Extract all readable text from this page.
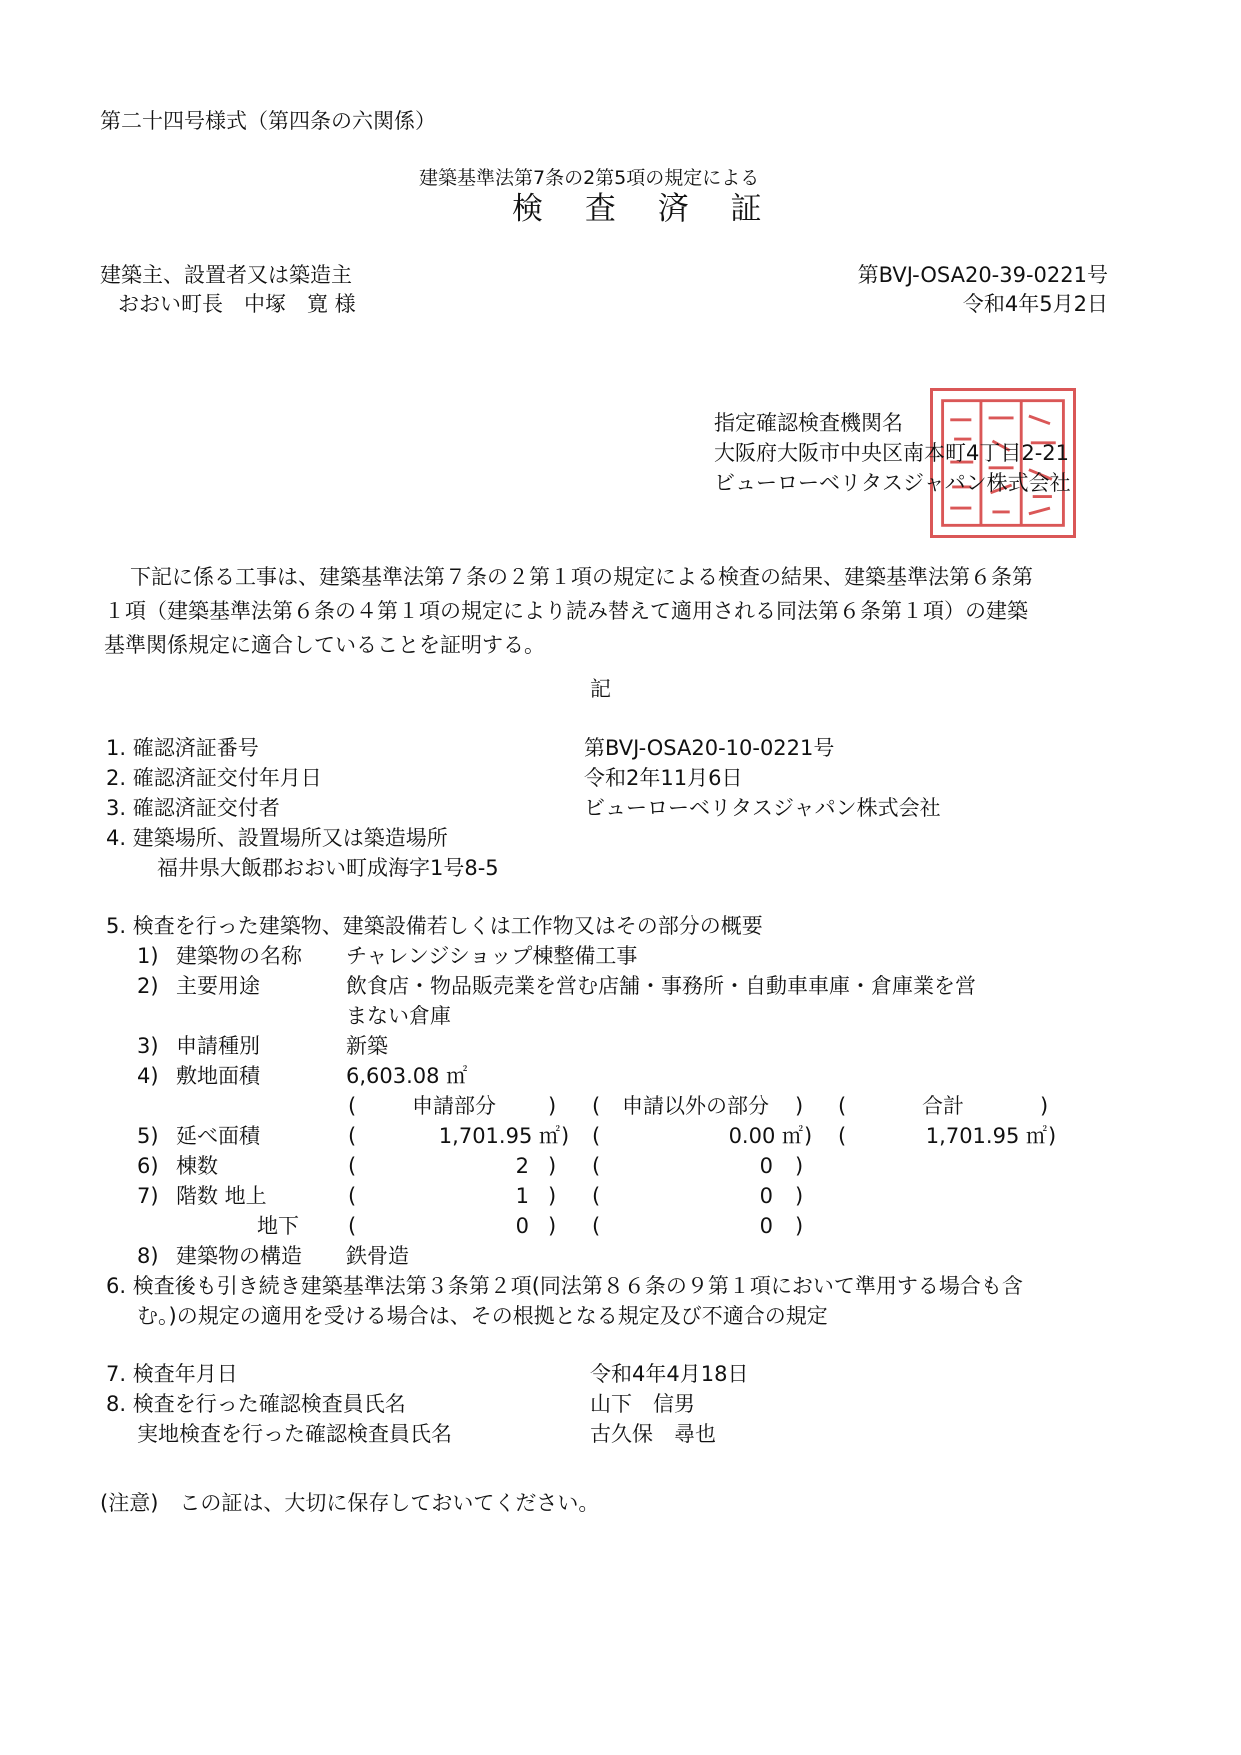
第二十四号様式（第四条の六関係）
建築基準法第7条の2第5項の規定による
検 査 済 証
建築主、設置者又は築造主
おおい町長　中塚　寛 様
第BVJ-OSA20-39-0221号
令和4年5月2日
指定確認検査機関名
大阪府大阪市中央区南本町4丁目2-21
ビューローベリタスジャパン株式会社
下記に係る工事は、建築基準法第７条の２第１項の規定による検査の結果、建築基準法第６条第
１項（建築基準法第６条の４第１項の規定により読み替えて適用される同法第６条第１項）の建築
基準関係規定に適合していることを証明する。
記
1. 確認済証番号	第BVJ-OSA20-10-0221号
2. 確認済証交付年月日	令和2年11月6日
3. 確認済証交付者	ビューローベリタスジャパン株式会社
4. 建築場所、設置場所又は築造場所
福井県大飯郡おおい町成海字1号8-5
5. 検査を行った建築物、建築設備若しくは工作物又はその部分の概要
1) 建築物の名称 チャレンジショップ棟整備工事
2) 主要用途	飲食店・物品販売業を営む店舗・事務所・自動車車庫・倉庫業を営
まない倉庫
3) 申請種別	新築
4) 敷地面積	6,603.08 ㎡
(	申請部分 ) ( 申請以外の部分 ) (	合計	)
5) 延べ面積	(	1,701.95 ㎡ ) (	0.00 ㎡ ) (	1,701.95 ㎡ )
6) 棟数	(	2 ) (	0 )
7) 階数 地上	(	1 ) (	0 )
地下 (	0 ) (	0 )
8) 建築物の構造 鉄骨造
6. 検査後も引き続き建築基準法第３条第２項(同法第８６条の９第１項において準用する場合も含
む。)の規定の適用を受ける場合は、その根拠となる規定及び不適合の規定
7. 検査年月日	令和4年4月18日
8. 検査を行った確認検査員氏名	山下　信男
実地検査を行った確認検査員氏名	古久保　尋也
(注意)　この証は、大切に保存しておいてください。
